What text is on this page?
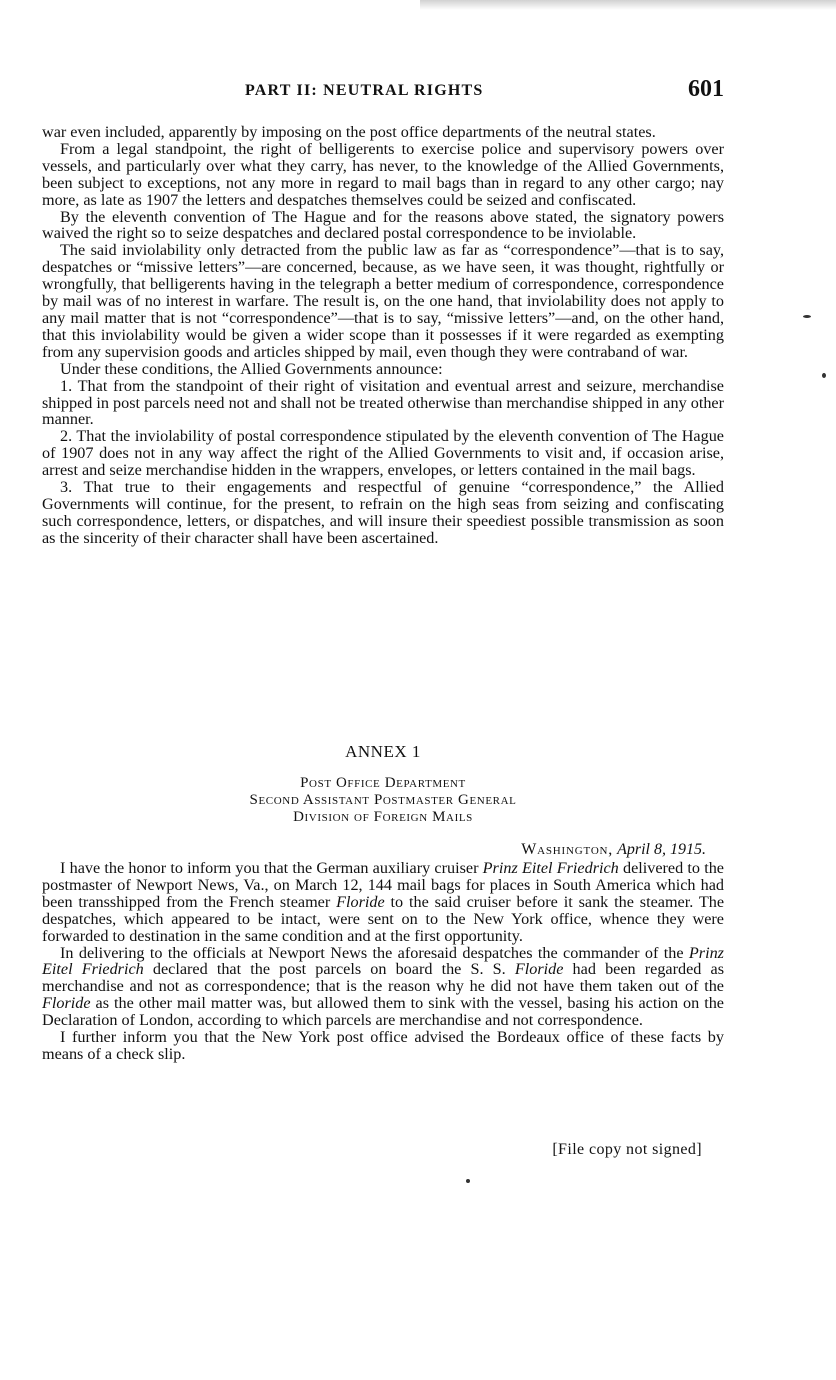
PART II: NEUTRAL RIGHTS	601

war even included, apparently by imposing on the post office departments of the neutral states.

From a legal standpoint, the right of belligerents to exercise police and supervisory powers over vessels, and particularly over what they carry, has never, to the knowledge of the Allied Governments, been subject to exceptions, not any more in regard to mail bags than in regard to any other cargo; nay more, as late as 1907 the letters and despatches themselves could be seized and confiscated.

By the eleventh convention of The Hague and for the reasons above stated, the signatory powers waived the right so to seize despatches and declared postal correspondence to be inviolable.

The said inviolability only detracted from the public law as far as “correspondence”—that is to say, despatches or “missive letters”—are concerned, because, as we have seen, it was thought, rightfully or wrongfully, that belligerents having in the telegraph a better medium of correspondence, correspondence by mail was of no interest in warfare. The result is, on the one hand, that inviolability does not apply to any mail matter that is not “correspondence”—that is to say, “missive letters”—and, on the other hand, that this inviolability would be given a wider scope than it possesses if it were regarded as exempting from any supervision goods and articles shipped by mail, even though they were contraband of war.

Under these conditions, the Allied Governments announce:

1. That from the standpoint of their right of visitation and eventual arrest and seizure, merchandise shipped in post parcels need not and shall not be treated otherwise than merchandise shipped in any other manner.

2. That the inviolability of postal correspondence stipulated by the eleventh convention of The Hague of 1907 does not in any way affect the right of the Allied Governments to visit and, if occasion arise, arrest and seize merchandise hidden in the wrappers, envelopes, or letters contained in the mail bags.

3. That true to their engagements and respectful of genuine “correspondence,” the Allied Governments will continue, for the present, to refrain on the high seas from seizing and confiscating such correspondence, letters, or dispatches, and will insure their speediest possible transmission as soon as the sincerity of their character shall have been ascertained.

ANNEX 1
Post Office Department
Second Assistant Postmaster General
Division of Foreign Mails
Washington, April 8, 1915.

I have the honor to inform you that the German auxiliary cruiser Prinz Eitel Friedrich delivered to the postmaster of Newport News, Va., on March 12, 144 mail bags for places in South America which had been transshipped from the French steamer Floride to the said cruiser before it sank the steamer. The despatches, which appeared to be intact, were sent on to the New York office, whence they were forwarded to destination in the same condition and at the first opportunity.

In delivering to the officials at Newport News the aforesaid despatches the commander of the Prinz Eitel Friedrich declared that the post parcels on board the S. S. Floride had been regarded as merchandise and not as correspondence; that is the reason why he did not have them taken out of the Floride as the other mail matter was, but allowed them to sink with the vessel, basing his action on the Declaration of London, according to which parcels are merchandise and not correspondence.

I further inform you that the New York post office advised the Bordeaux office of these facts by means of a check slip.

[File copy not signed]
